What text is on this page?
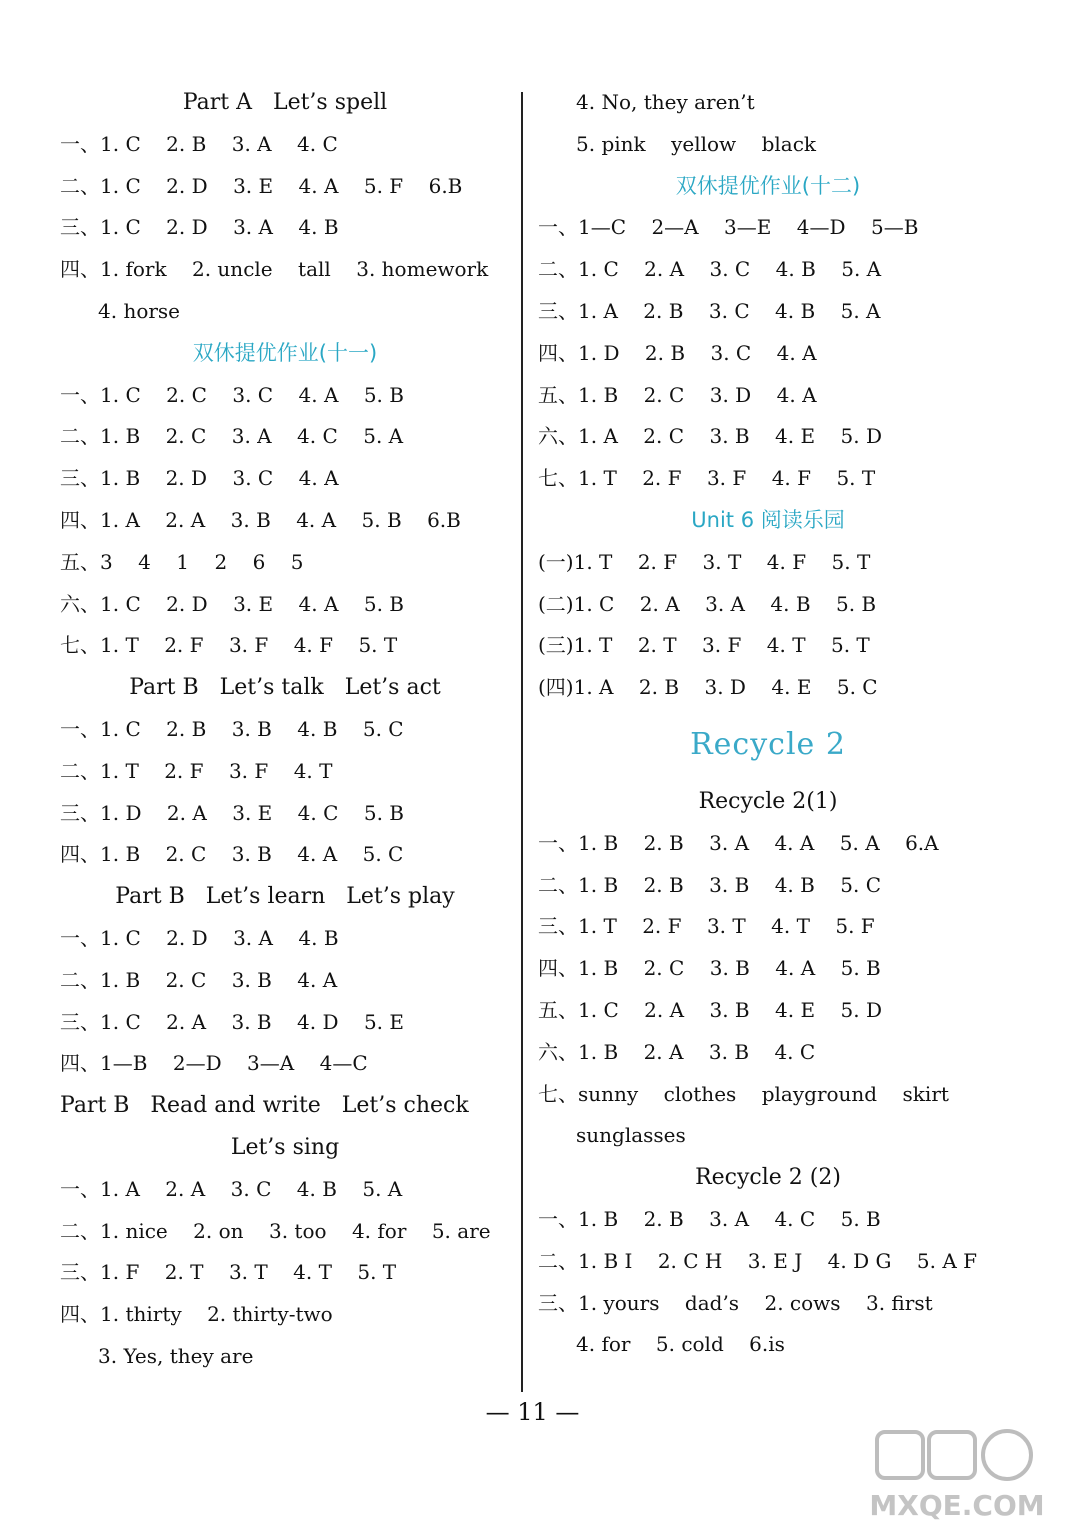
Part A   Let’s spell
一、1. C    2. B    3. A    4. C
二、1. C    2. D    3. E    4. A    5. F    6.B
三、1. C    2. D    3. A    4. B
四、1. fork    2. uncle    tall    3. homework
4. horse
双休提优作业(十一)
一、1. C    2. C    3. C    4. A    5. B
二、1. B    2. C    3. A    4. C    5. A
三、1. B    2. D    3. C    4. A
四、1. A    2. A    3. B    4. A    5. B    6.B
五、3    4    1    2    6    5
六、1. C    2. D    3. E    4. A    5. B
七、1. T    2. F    3. F    4. F    5. T
Part B   Let’s talk   Let’s act
一、1. C    2. B    3. B    4. B    5. C
二、1. T    2. F    3. F    4. T
三、1. D    2. A    3. E    4. C    5. B
四、1. B    2. C    3. B    4. A    5. C
Part B   Let’s learn   Let’s play
一、1. C    2. D    3. A    4. B
二、1. B    2. C    3. B    4. A
三、1. C    2. A    3. B    4. D    5. E
四、1—B    2—D    3—A    4—C
Part B   Read and write   Let’s check
Let’s sing
一、1. A    2. A    3. C    4. B    5. A
二、1. nice    2. on    3. too    4. for    5. are
三、1. F    2. T    3. T    4. T    5. T
四、1. thirty    2. thirty-two
3. Yes, they are
4. No, they aren’t
5. pink    yellow    black
双休提优作业(十二)
一、1—C    2—A    3—E    4—D    5—B
二、1. C    2. A    3. C    4. B    5. A
三、1. A    2. B    3. C    4. B    5. A
四、1. D    2. B    3. C    4. A
五、1. B    2. C    3. D    4. A
六、1. A    2. C    3. B    4. E    5. D
七、1. T    2. F    3. F    4. F    5. T
Unit 6 阅读乐园
(一)1. T    2. F    3. T    4. F    5. T
(二)1. C    2. A    3. A    4. B    5. B
(三)1. T    2. T    3. F    4. T    5. T
(四)1. A    2. B    3. D    4. E    5. C
Recycle 2
Recycle 2(1)
一、1. B    2. B    3. A    4. A    5. A    6.A
二、1. B    2. B    3. B    4. B    5. C
三、1. T    2. F    3. T    4. T    5. F
四、1. B    2. C    3. B    4. A    5. B
五、1. C    2. A    3. B    4. E    5. D
六、1. B    2. A    3. B    4. C
七、sunny    clothes    playground    skirt
sunglasses
Recycle 2 (2)
一、1. B    2. B    3. A    4. C    5. B
二、1. B I    2. C H    3. E J    4. D G    5. A F
三、1. yours    dad’s    2. cows    3. first
4. for    5. cold    6.is
— 11 —
MXQE.COM
